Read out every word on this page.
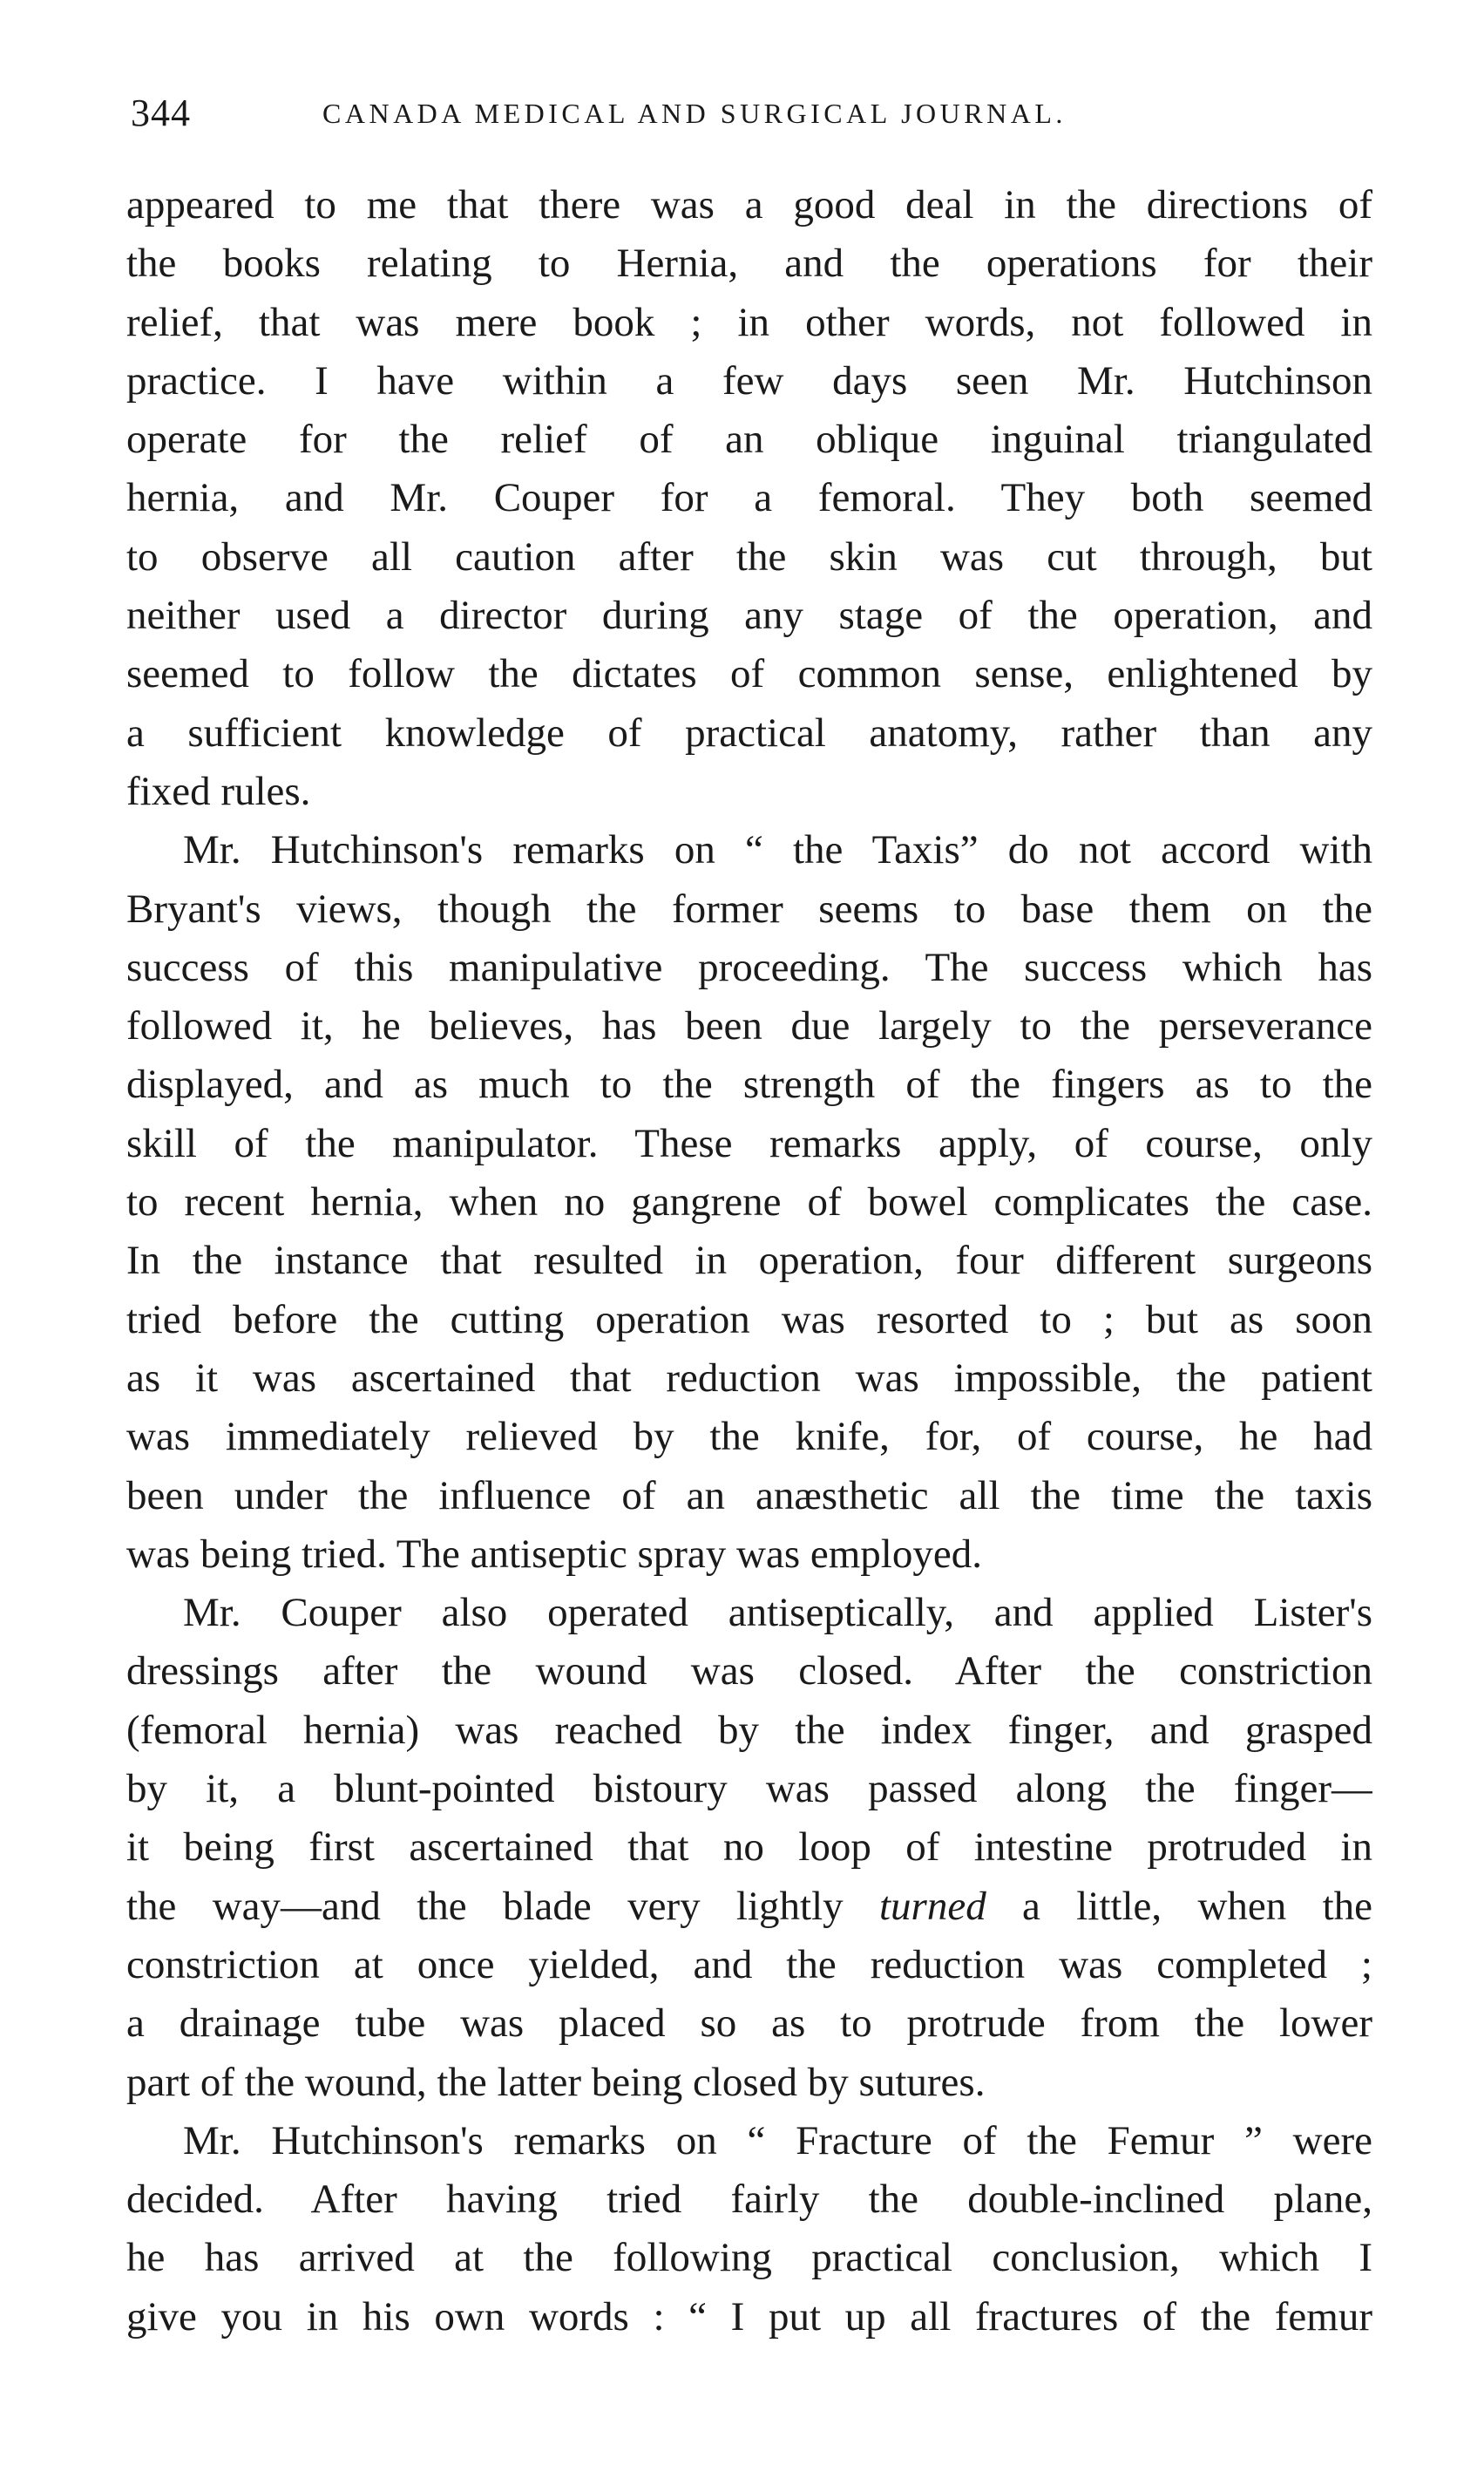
344	CANADA MEDICAL AND SURGICAL JOURNAL.
appeared to me that there was a good deal in the directions of
the books relating to Hernia, and the operations for their
relief, that was mere book ; in other words, not followed in
practice. I have within a few days seen Mr. Hutchinson
operate for the relief of an oblique inguinal triangulated
hernia, and Mr. Couper for a femoral. They both seemed
to observe all caution after the skin was cut through, but
neither used a director during any stage of the operation, and
seemed to follow the dictates of common sense, enlightened by
a sufficient knowledge of practical anatomy, rather than any
fixed rules.
Mr. Hutchinson's remarks on “ the Taxis” do not accord with
Bryant's views, though the former seems to base them on the
success of this manipulative proceeding. The success which has
followed it, he believes, has been due largely to the perseverance
displayed, and as much to the strength of the fingers as to the
skill of the manipulator. These remarks apply, of course, only
to recent hernia, when no gangrene of bowel complicates the case.
In the instance that resulted in operation, four different surgeons
tried before the cutting operation was resorted to ; but as soon
as it was ascertained that reduction was impossible, the patient
was immediately relieved by the knife, for, of course, he had
been under the influence of an anæsthetic all the time the taxis
was being tried. The antiseptic spray was employed.
Mr. Couper also operated antiseptically, and applied Lister's
dressings after the wound was closed. After the constriction
(femoral hernia) was reached by the index finger, and grasped
by it, a blunt-pointed bistoury was passed along the finger—
it being first ascertained that no loop of intestine protruded in
the way—and the blade very lightly turned a little, when the
constriction at once yielded, and the reduction was completed ;
a drainage tube was placed so as to protrude from the lower
part of the wound, the latter being closed by sutures.
Mr. Hutchinson's remarks on “ Fracture of the Femur ” were
decided. After having tried fairly the double-inclined plane,
he has arrived at the following practical conclusion, which I
give you in his own words : “ I put up all fractures of the femur
